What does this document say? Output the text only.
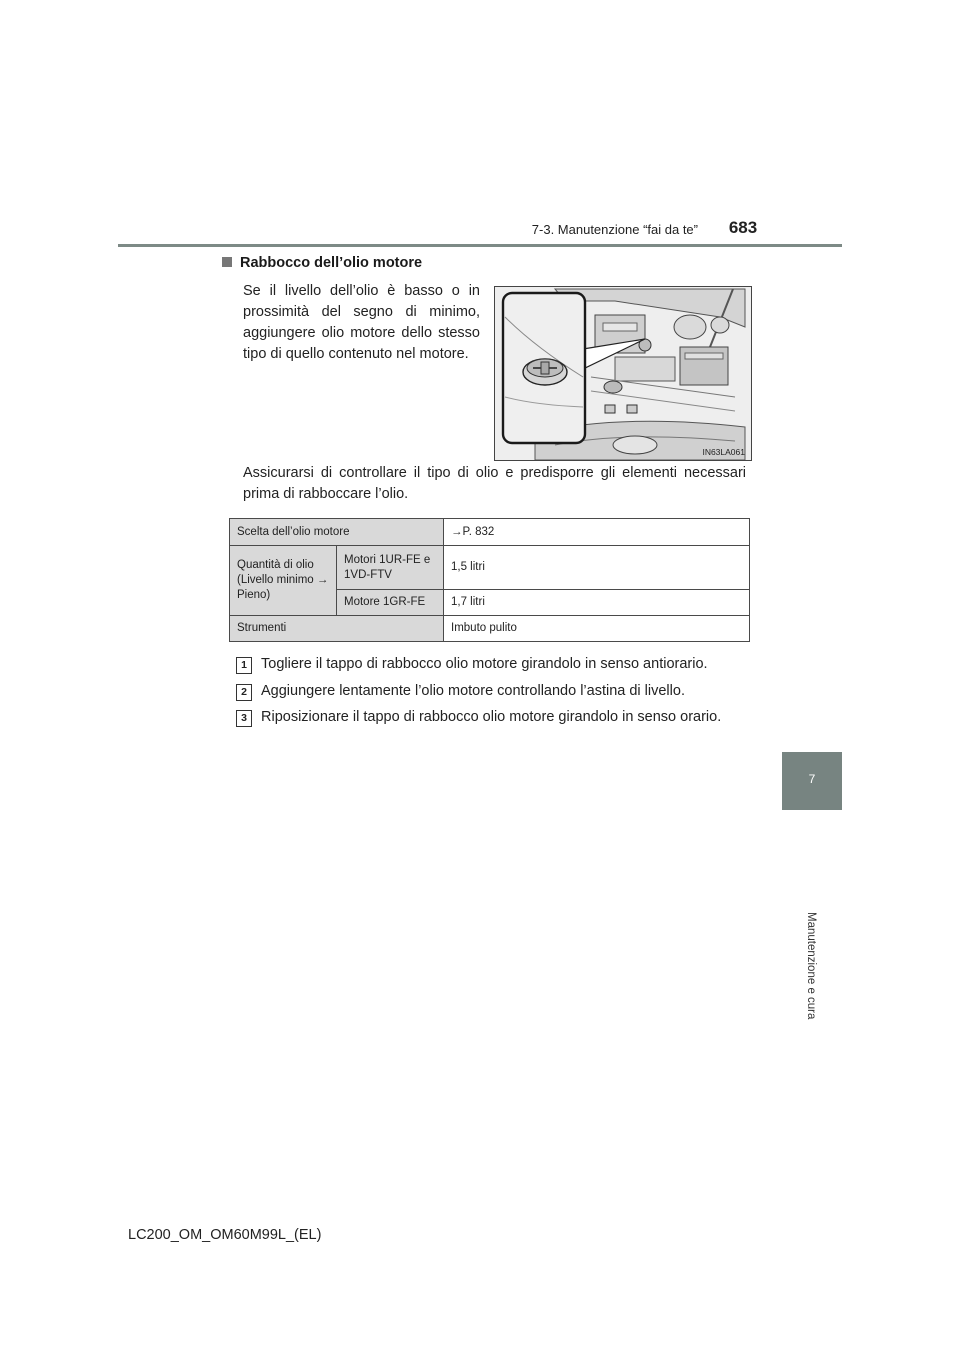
7-3. Manutenzione “fai da te”	683
7
Manutenzione e cura
Rabbocco dell’olio motore
Se il livello dell’olio è basso o in prossimità del segno di minimo, aggiungere olio motore dello stesso tipo di quello contenuto nel motore.
IN63LA061
Assicurarsi di controllare il tipo di olio e predisporre gli elementi necessari prima di rabboccare l’olio.
Scelta dell’olio motore		→P. 832
Quantità di olio (Livello minimo → Pieno)	Motori 1UR-FE e 1VD-FTV	1,5 litri
	Motore 1GR-FE	1,7 litri
Strumenti		Imbuto pulito
1 Togliere il tappo di rabbocco olio motore girandolo in senso antiorario.
2 Aggiungere lentamente l’olio motore controllando l’astina di livello.
3 Riposizionare il tappo di rabbocco olio motore girandolo in senso orario.
LC200_OM_OM60M99L_(EL)
